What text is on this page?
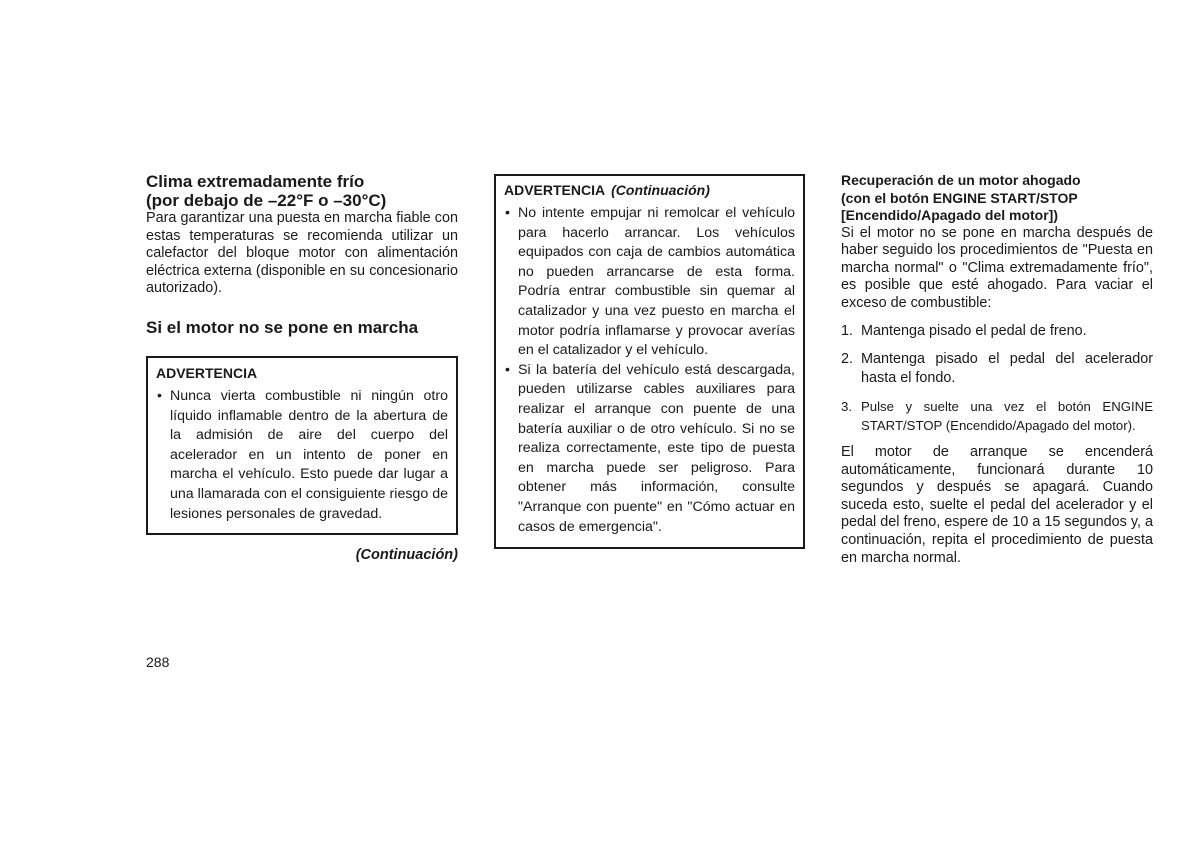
Clima extremadamente frío
(por debajo de –22°F o –30°C)

Para garantizar una puesta en marcha fiable con estas temperaturas se recomienda utilizar un calefactor del bloque motor con alimentación eléctrica externa (disponible en su concesionario autorizado).

Si el motor no se pone en marcha
ADVERTENCIA
• Nunca vierta combustible ni ningún otro líquido inflamable dentro de la abertura de la admisión de aire del cuerpo del acelerador en un intento de poner en marcha el vehículo. Esto puede dar lugar a una llamarada con el consiguiente riesgo de lesiones personales de gravedad.
(Continuación)
ADVERTENCIA (Continuación)
• No intente empujar ni remolcar el vehículo para hacerlo arrancar. Los vehículos equipados con caja de cambios automática no pueden arrancarse de esta forma. Podría entrar combustible sin quemar al catalizador y una vez puesto en marcha el motor podría inflamarse y provocar averías en el catalizador y el vehículo.
• Si la batería del vehículo está descargada, pueden utilizarse cables auxiliares para realizar el arranque con puente de una batería auxiliar o de otro vehículo. Si no se realiza correctamente, este tipo de puesta en marcha puede ser peligroso. Para obtener más información, consulte "Arranque con puente" en "Cómo actuar en casos de emergencia".
Recuperación de un motor ahogado
(con el botón ENGINE START/STOP
[Encendido/Apagado del motor])

Si el motor no se pone en marcha después de haber seguido los procedimientos de "Puesta en marcha normal" o "Clima extremadamente frío", es posible que esté ahogado. Para vaciar el exceso de combustible:

1. Mantenga pisado el pedal de freno.
2. Mantenga pisado el pedal del acelerador hasta el fondo.
3. Pulse y suelte una vez el botón ENGINE START/STOP (Encendido/Apagado del motor).

El motor de arranque se encenderá automáticamente, funcionará durante 10 segundos y después se apagará. Cuando suceda esto, suelte el pedal del acelerador y el pedal del freno, espere de 10 a 15 segundos y, a continuación, repita el procedimiento de puesta en marcha normal.

288
